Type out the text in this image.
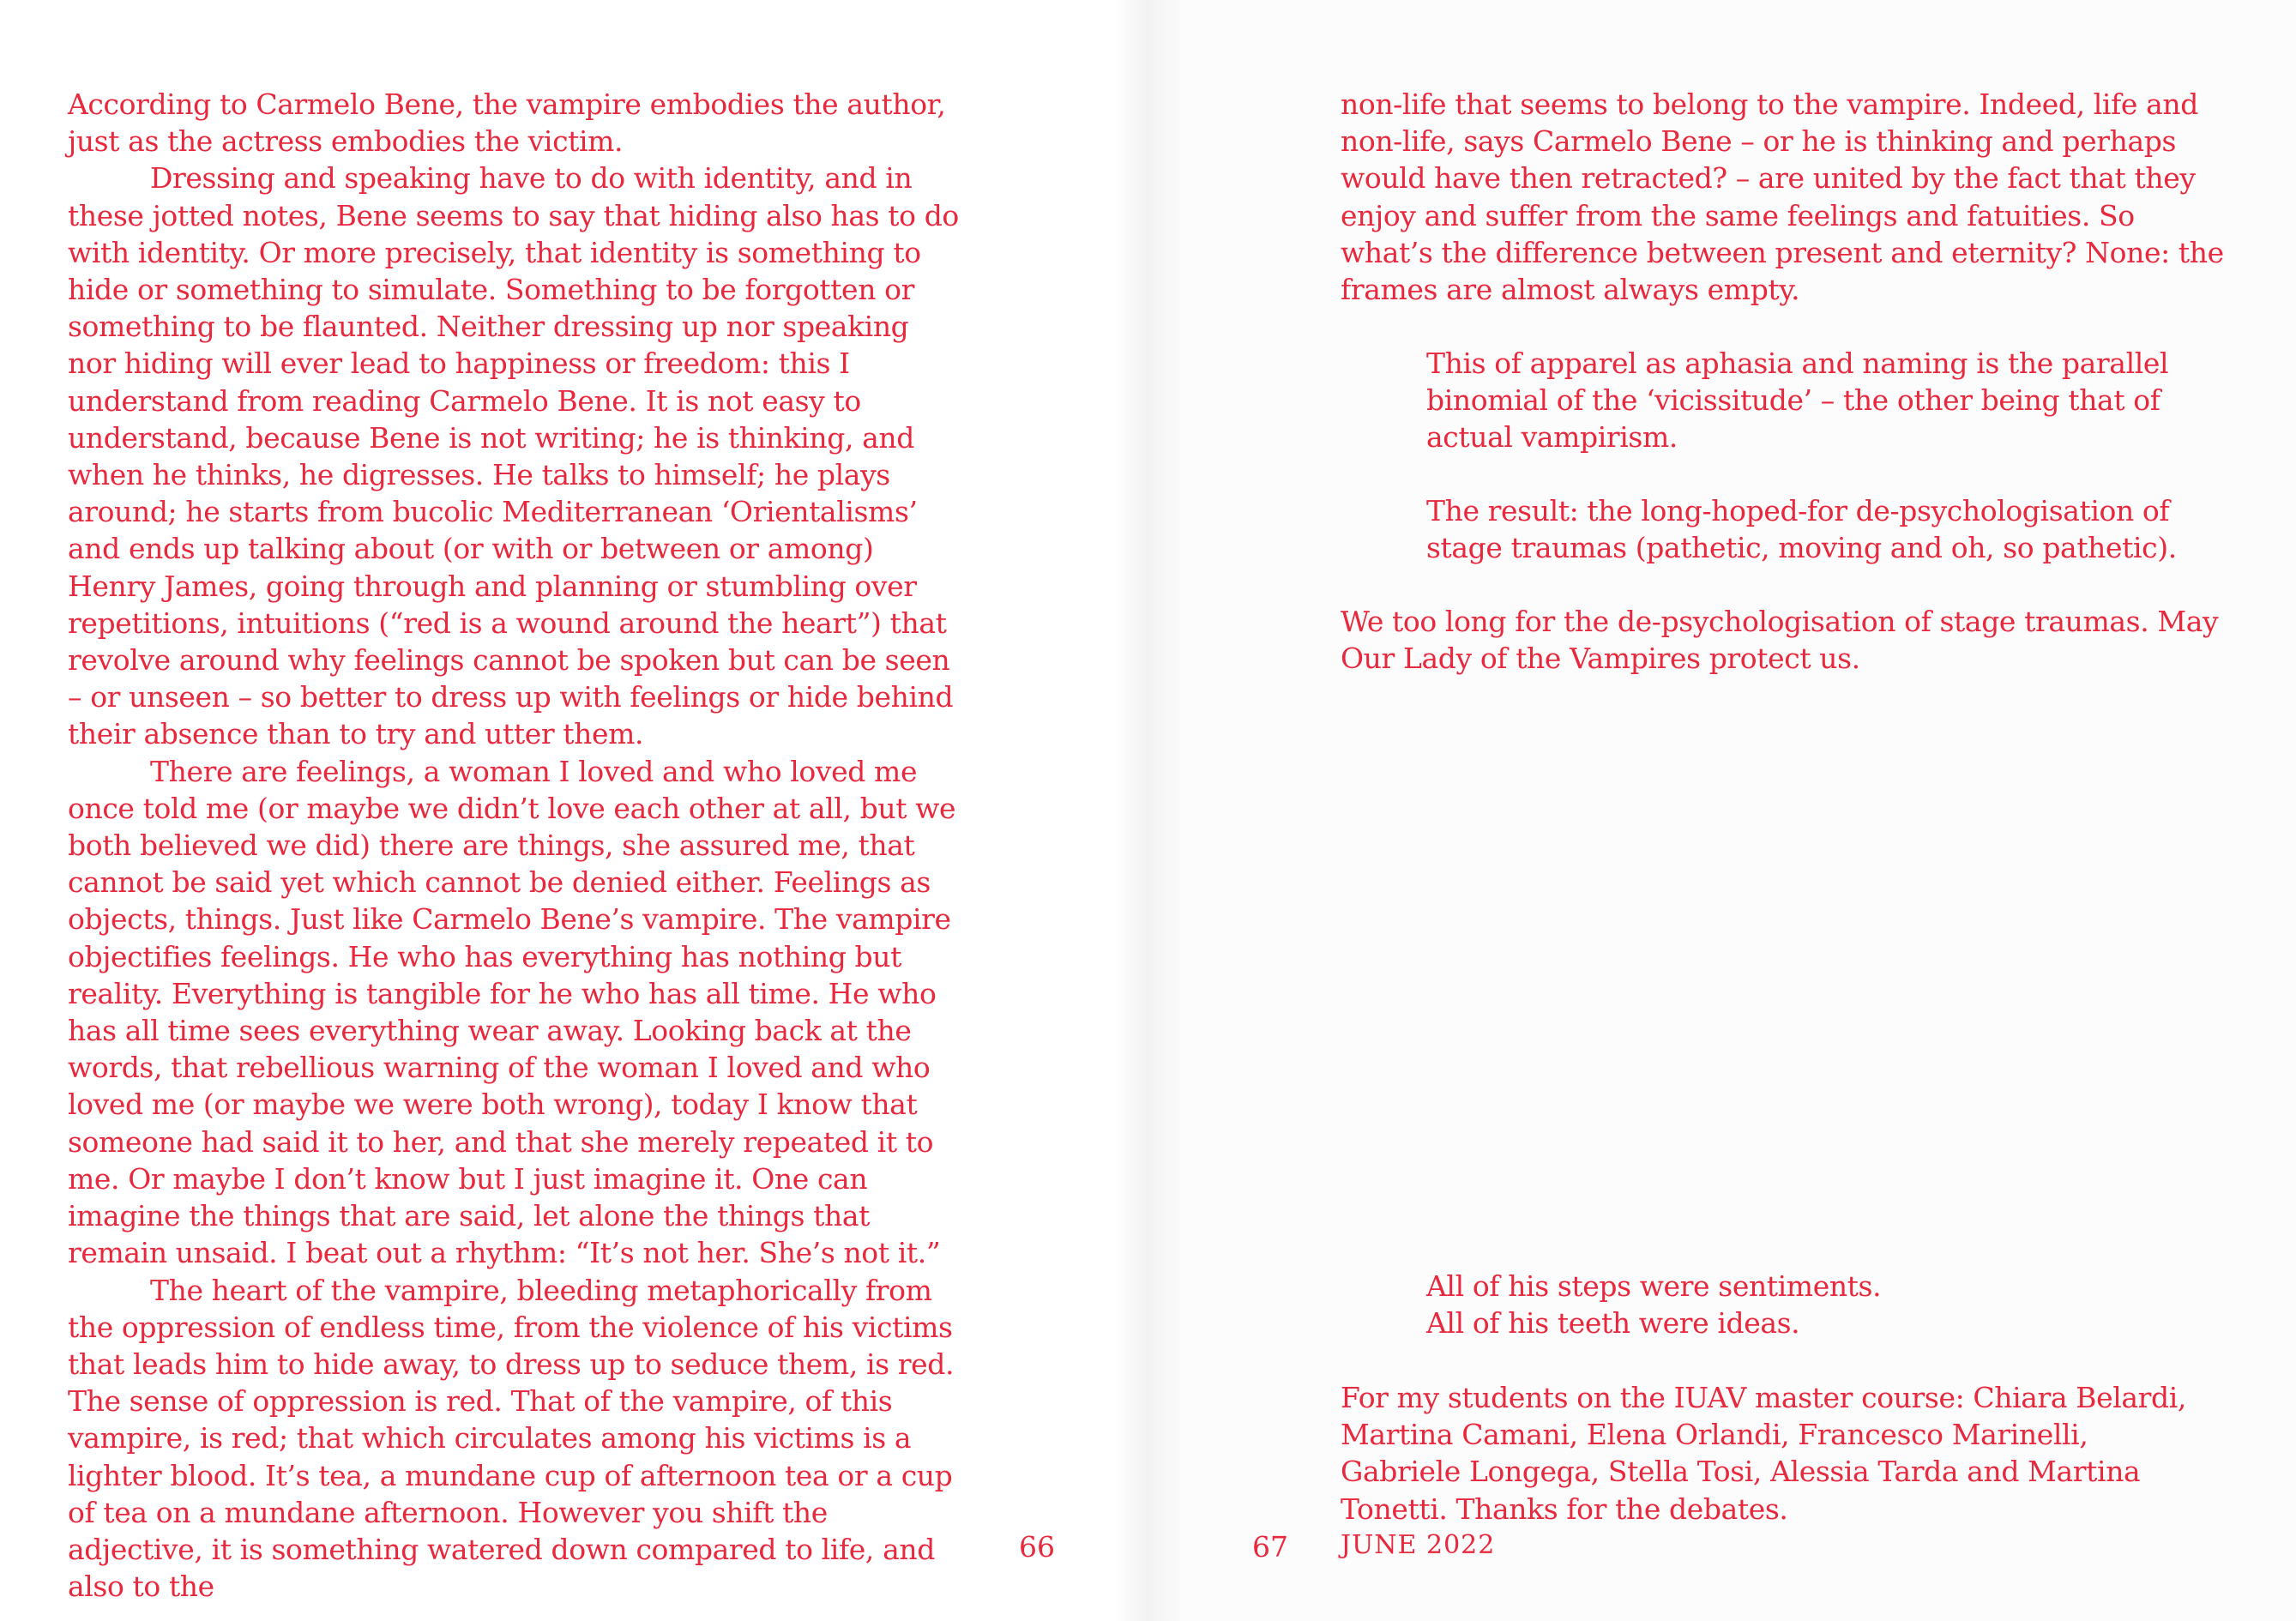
According to Carmelo Bene, the vampire embodies the author, just as the actress embodies the victim.

Dressing and speaking have to do with identity, and in these jotted notes, Bene seems to say that hiding also has to do with identity. Or more precisely, that identity is something to hide or something to simulate. Something to be forgotten or something to be flaunted. Neither dressing up nor speaking nor hiding will ever lead to happiness or freedom: this I understand from reading Carmelo Bene. It is not easy to understand, because Bene is not writing; he is thinking, and when he thinks, he digresses. He talks to himself; he plays around; he starts from bucolic Mediterranean ‘Orientalisms’ and ends up talking about (or with or between or among) Henry James, going through and planning or stumbling over repetitions, intuitions (“red is a wound around the heart”) that revolve around why feelings cannot be spoken but can be seen – or unseen – so better to dress up with feelings or hide behind their absence than to try and utter them.

There are feelings, a woman I loved and who loved me once told me (or maybe we didn’t love each other at all, but we both believed we did) there are things, she assured me, that cannot be said yet which cannot be denied either. Feelings as objects, things. Just like Carmelo Bene’s vampire. The vampire objectifies feelings. He who has everything has nothing but reality. Everything is tangible for he who has all time. He who has all time sees everything wear away. Looking back at the words, that rebellious warning of the woman I loved and who loved me (or maybe we were both wrong), today I know that someone had said it to her, and that she merely repeated it to me. Or maybe I don’t know but I just imagine it. One can imagine the things that are said, let alone the things that remain unsaid. I beat out a rhythm: “It’s not her. She’s not it.”

The heart of the vampire, bleeding metaphorically from the oppression of endless time, from the violence of his victims that leads him to hide away, to dress up to seduce them, is red. The sense of oppression is red. That of the vampire, of this vampire, is red; that which circulates among his victims is a lighter blood. It’s tea, a mundane cup of afternoon tea or a cup of tea on a mundane afternoon. However you shift the adjective, it is something watered down compared to life, and also to the

66

non-life that seems to belong to the vampire. Indeed, life and non-life, says Carmelo Bene – or he is thinking and perhaps would have then retracted? – are united by the fact that they enjoy and suffer from the same feelings and fatuities. So what’s the difference between present and eternity? None: the frames are almost always empty.

This of apparel as aphasia and naming is the parallel binomial of the ‘vicissitude’ – the other being that of actual vampirism.

The result: the long-hoped-for de-psychologisation of stage traumas (pathetic, moving and oh, so pathetic).

We too long for the de-psychologisation of stage traumas. May Our Lady of the Vampires protect us.

All of his steps were sentiments.

All of his teeth were ideas.

For my students on the IUAV master course: Chiara Belardi, Martina Camani, Elena Orlandi, Francesco Marinelli, Gabriele Longega, Stella Tosi, Alessia Tarda and Martina Tonetti. Thanks for the debates.

67 JUNE 2022
